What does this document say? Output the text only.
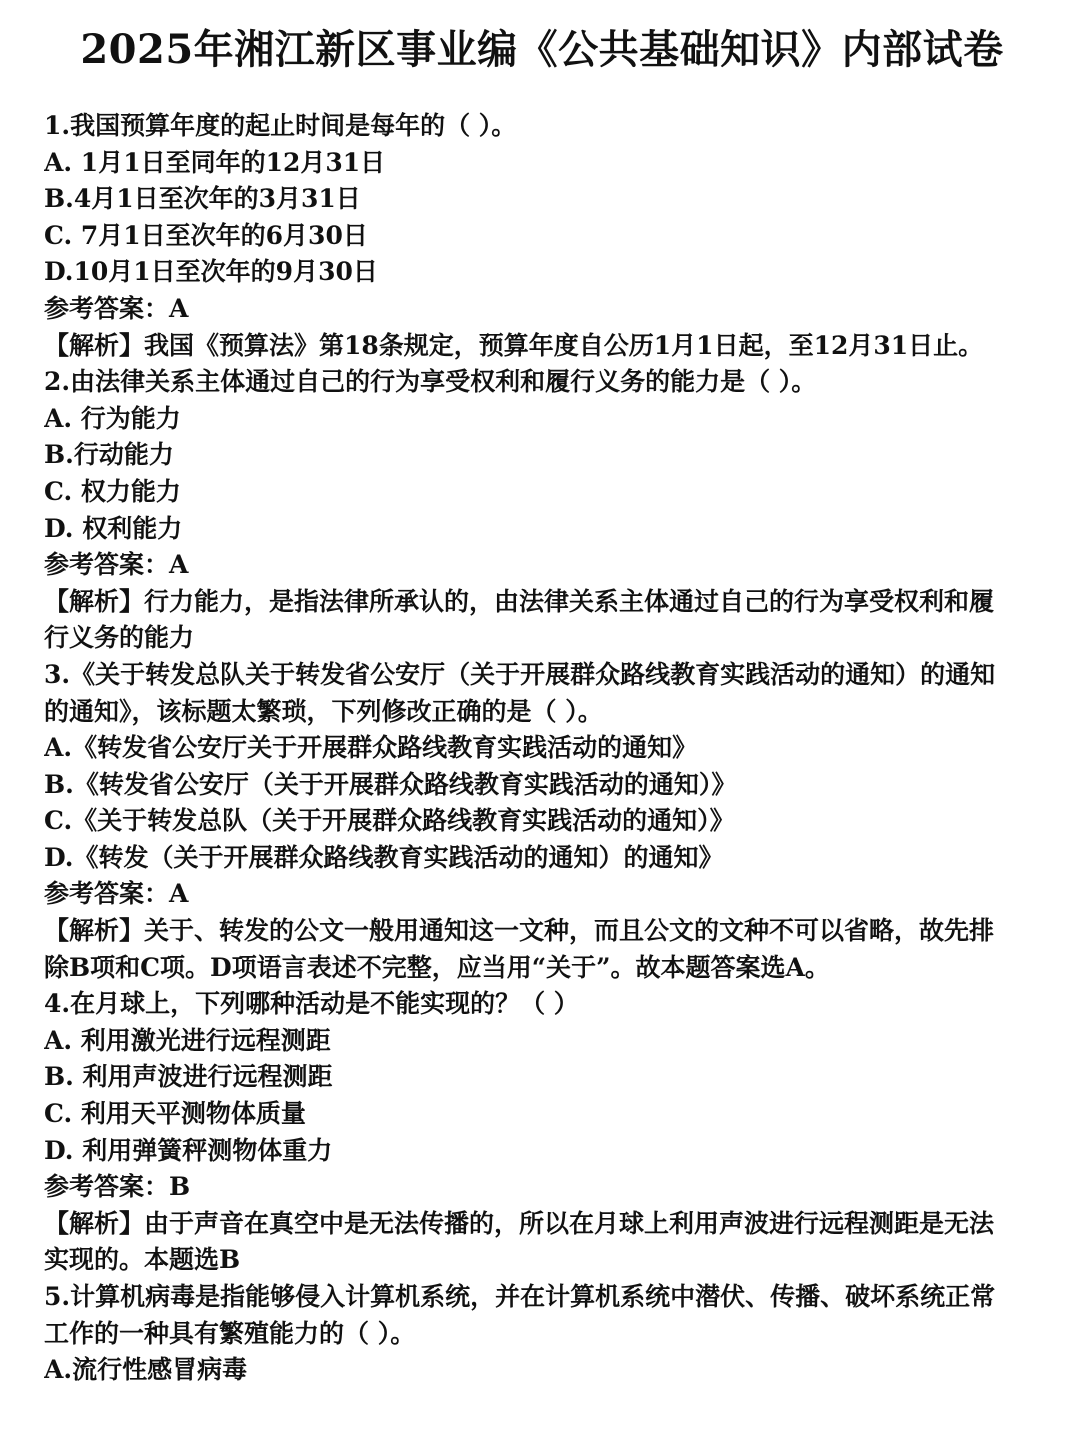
2025年湘江新区事业编《公共基础知识》内部试卷
1.我国预算年度的起止时间是每年的（ ）。
A. 1月1日至同年的12月31日
B.4月1日至次年的3月31日
C. 7月1日至次年的6月30日
D.10月1日至次年的9月30日
参考答案：A
【解析】我国《预算法》第18条规定，预算年度自公历1月1日起，至12月31日止。
2.由法律关系主体通过自己的行为享受权利和履行义务的能力是（ ）。
A. 行为能力
B.行动能力
C. 权力能力
D. 权利能力
参考答案：A
【解析】行力能力，是指法律所承认的，由法律关系主体通过自己的行为享受权利和履
行义务的能力
3.《关于转发总队关于转发省公安厅（关于开展群众路线教育实践活动的通知）的通知
的通知》，该标题太繁琐，下列修改正确的是（ ）。
A.《转发省公安厅关于开展群众路线教育实践活动的通知》
B.《转发省公安厅（关于开展群众路线教育实践活动的通知）》
C.《关于转发总队（关于开展群众路线教育实践活动的通知）》
D.《转发（关于开展群众路线教育实践活动的通知）的通知》
参考答案：A
【解析】关于、转发的公文一般用通知这一文种，而且公文的文种不可以省略，故先排
除B项和C项。D项语言表述不完整，应当用“关于”。故本题答案选A。
4.在月球上，下列哪种活动是不能实现的？（ ）
A. 利用激光进行远程测距
B. 利用声波进行远程测距
C. 利用天平测物体质量
D. 利用弹簧秤测物体重力
参考答案：B
【解析】由于声音在真空中是无法传播的，所以在月球上利用声波进行远程测距是无法
实现的。本题选B
5.计算机病毒是指能够侵入计算机系统，并在计算机系统中潜伏、传播、破坏系统正常
工作的一种具有繁殖能力的（ ）。
A.流行性感冒病毒
